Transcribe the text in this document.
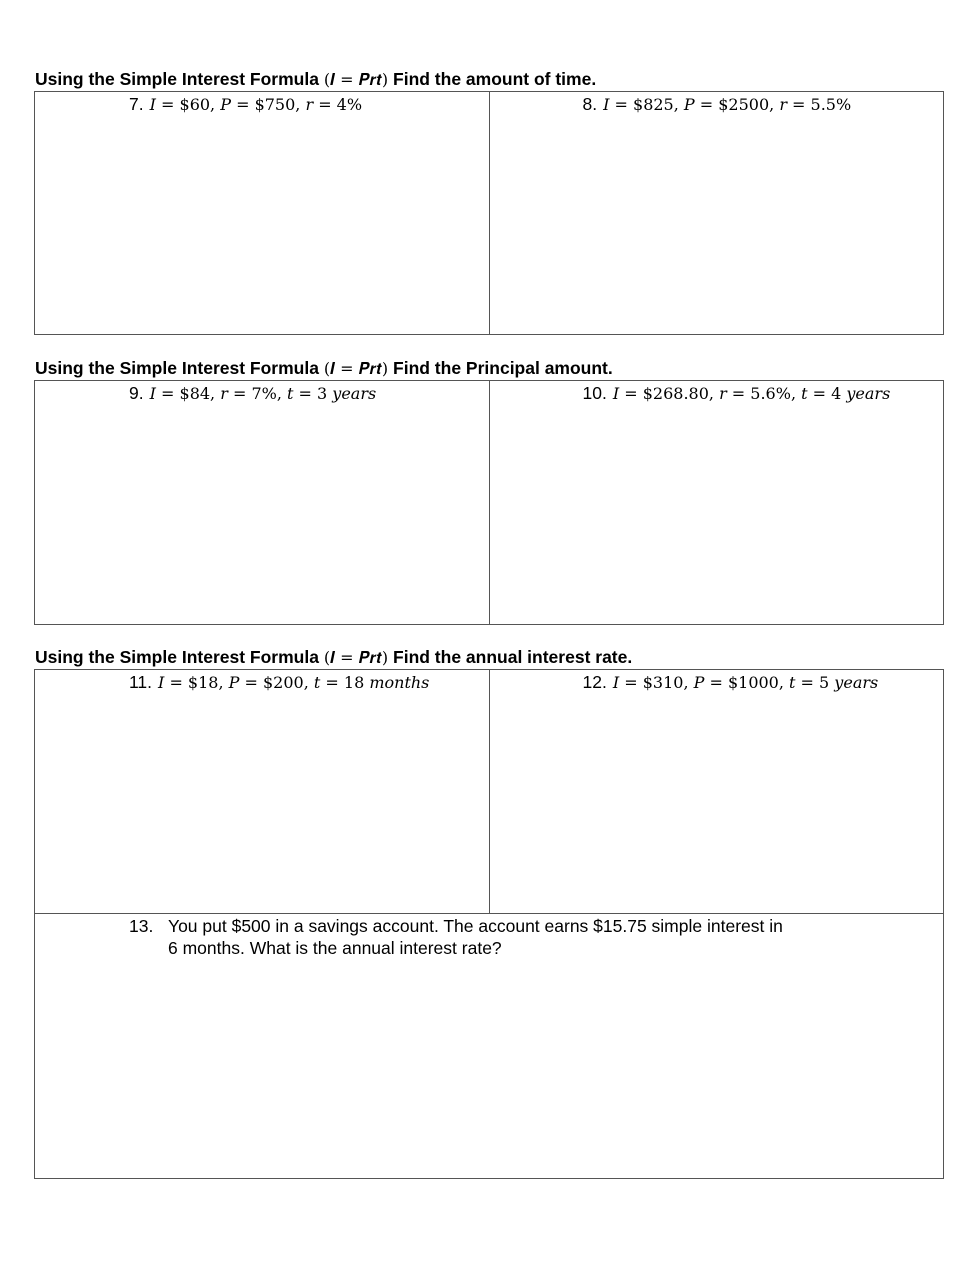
Using the Simple Interest Formula (𝑰 = 𝑷𝒓𝒕) Find the amount of time.
7. 𝐼 = $60, 𝑃 = $750, 𝑟 = 4%	8. 𝐼 = $825, 𝑃 = $2500, 𝑟 = 5.5%
Using the Simple Interest Formula (𝑰 = 𝑷𝒓𝒕) Find the Principal amount.
9. 𝐼 = $84, 𝑟 = 7%, 𝑡 = 3 𝑦𝑒𝑎𝑟𝑠	10. 𝐼 = $268.80, 𝑟 = 5.6%, 𝑡 = 4 𝑦𝑒𝑎𝑟𝑠
Using the Simple Interest Formula (𝑰 = 𝑷𝒓𝒕) Find the annual interest rate.
11. 𝐼 = $18, 𝑃 = $200, 𝑡 = 18 𝑚𝑜𝑛𝑡ℎ𝑠	12. 𝐼 = $310, 𝑃 = $1000, 𝑡 = 5 𝑦𝑒𝑎𝑟𝑠
13. You put $500 in a savings account. The account earns $15.75 simple interest in
6 months. What is the annual interest rate?
